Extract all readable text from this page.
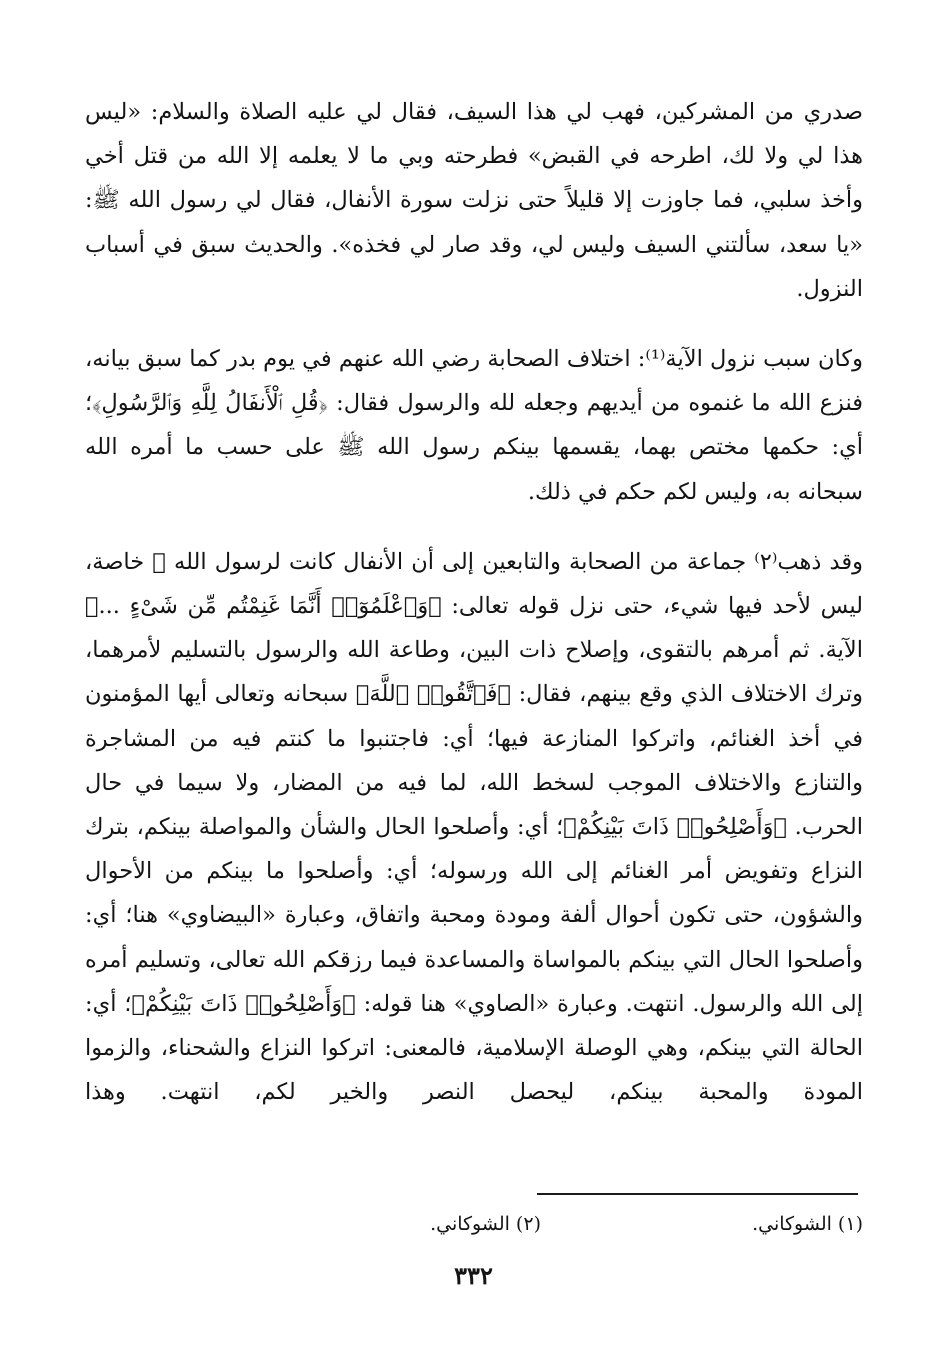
صدري من المشركين، فهب لي هذا السيف، فقال لي عليه الصلاة والسلام: «ليس هذا لي ولا لك، اطرحه في القبض» فطرحته وبي ما لا يعلمه إلا الله من قتل أخي وأخذ سلبي، فما جاوزت إلا قليلاً حتى نزلت سورة الأنفال، فقال لي رسول الله ﷺ: «يا سعد، سألتني السيف وليس لي، وقد صار لي فخذه». والحديث سبق في أسباب النزول.

وكان سبب نزول الآية⁽¹⁾: اختلاف الصحابة رضي الله عنهم في يوم بدر كما سبق بيانه، فنزع الله ما غنموه من أيديهم وجعله لله والرسول فقال: ﴿قُلِ ٱلْأَنفَالُ لِلَّهِ وَٱلرَّسُولِ﴾؛ أي: حكمها مختص بهما، يقسمها بينكم رسول الله ﷺ على حسب ما أمره الله سبحانه به، وليس لكم حكم في ذلك.

وقد ذهب⁽٢⁾ جماعة من الصحابة والتابعين إلى أن الأنفال كانت لرسول الله ﷺ خاصة، ليس لأحد فيها شيء، حتى نزل قوله تعالى: ﴿وَٱعْلَمُوٓا۟ أَنَّمَا غَنِمْتُم مِّن شَىْءٍ ...﴾ الآية. ثم أمرهم بالتقوى، وإصلاح ذات البين، وطاعة الله والرسول بالتسليم لأمرهما، وترك الاختلاف الذي وقع بينهم، فقال: ﴿فَٱتَّقُوا۟ ٱللَّهَ﴾ سبحانه وتعالى أيها المؤمنون في أخذ الغنائم، واتركوا المنازعة فيها؛ أي: فاجتنبوا ما كنتم فيه من المشاجرة والتنازع والاختلاف الموجب لسخط الله، لما فيه من المضار، ولا سيما في حال الحرب. ﴿وَأَصْلِحُوا۟ ذَاتَ بَيْنِكُمْ﴾؛ أي: وأصلحوا الحال والشأن والمواصلة بينكم، بترك النزاع وتفويض أمر الغنائم إلى الله ورسوله؛ أي: وأصلحوا ما بينكم من الأحوال والشؤون، حتى تكون أحوال ألفة ومودة ومحبة واتفاق، وعبارة «البيضاوي» هنا؛ أي: وأصلحوا الحال التي بينكم بالمواساة والمساعدة فيما رزقكم الله تعالى، وتسليم أمره إلى الله والرسول. انتهت. وعبارة «الصاوي» هنا قوله: ﴿وَأَصْلِحُوا۟ ذَاتَ بَيْنِكُمْ﴾؛ أي: الحالة التي بينكم، وهي الوصلة الإسلامية، فالمعنى: اتركوا النزاع والشحناء، والزموا المودة والمحبة بينكم، ليحصل النصر والخير لكم، انتهت. وهذا

(١) الشوكاني.
(٢) الشوكاني.
٣٣٢
